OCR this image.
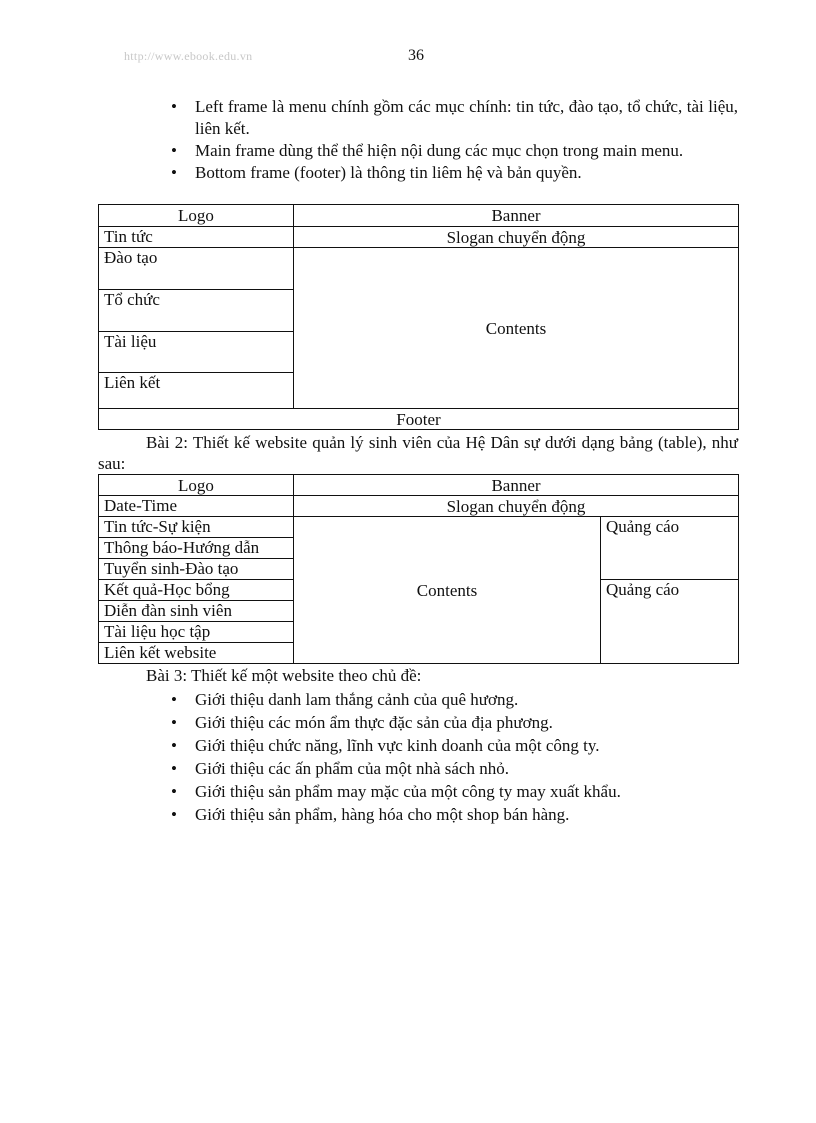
http://www.ebook.edu.vn	36
• Left frame là menu chính gồm các mục chính: tin tức, đào tạo, tổ chức, tài liệu, liên kết.
• Main frame dùng thể thể hiện nội dung các mục chọn trong main menu.
• Bottom frame (footer) là thông tin liêm hệ và bản quyền.
Logo	Banner
Tin tức	Slogan chuyển động
Đào tạo	Contents
Tổ chức	
Tài liệu	
Liên kết	
Footer	

Bài 2: Thiết kế website quản lý sinh viên của Hệ Dân sự dưới dạng bảng (table), như sau:

Logo	Banner	
Date-Time	Slogan chuyển động	
Tin tức-Sự kiện	Contents	Quảng cáo
Thông báo-Hướng dẫn		
Tuyển sinh-Đào tạo		
Kết quả-Học bổng		Quảng cáo
Diễn đàn sinh viên		
Tài liệu học tập		
Liên kết website		

Bài 3: Thiết kế một website theo chủ đề:

• Giới thiệu danh lam thắng cảnh của quê hương.
• Giới thiệu các món ẩm thực đặc sản của địa phương.
• Giới thiệu chức năng, lĩnh vực kinh doanh của một công ty.
• Giới thiệu các ấn phẩm của một nhà sách nhỏ.
• Giới thiệu sản phẩm may mặc của một công ty may xuất khẩu.
• Giới thiệu sản phẩm, hàng hóa cho một shop bán hàng.
